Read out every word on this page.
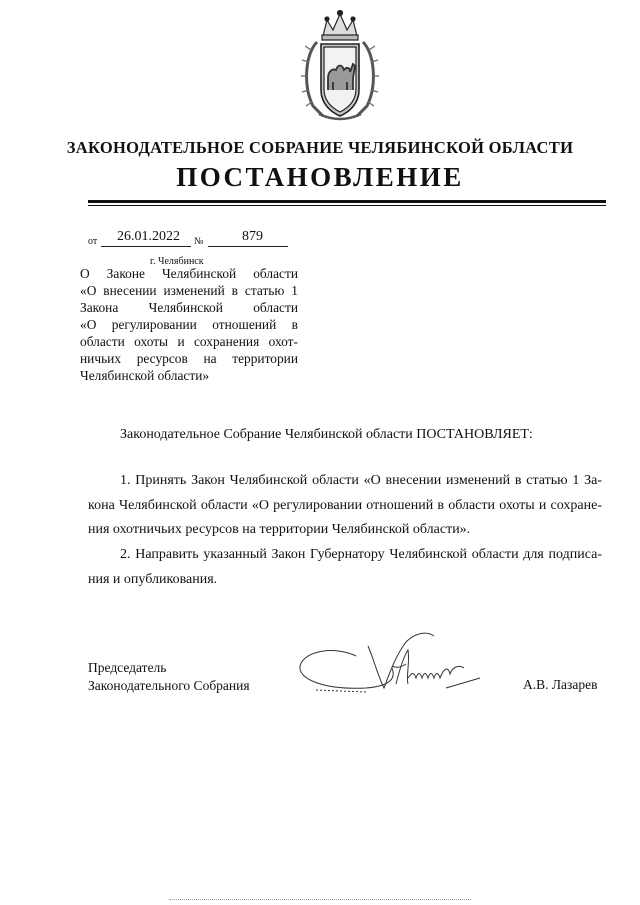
ЗАКОНОДАТЕЛЬНОЕ СОБРАНИЕ ЧЕЛЯБИНСКОЙ ОБЛАСТИ
ПОСТАНОВЛЕНИЕ
от 26.01.2022 №	879
г. Челябинск
О Законе Челябинской области
«О внесении изменений в статью 1
Закона Челябинской области
«О регулировании отношений в
области охоты и сохранения охот-
ничьих ресурсов на территории
Челябинской области»
Законодательное Собрание Челябинской области ПОСТАНОВЛЯЕТ:
1. Принять Закон Челябинской области «О внесении изменений в статью 1 За-
кона Челябинской области «О регулировании отношений в области охоты и сохране-
ния охотничьих ресурсов на территории Челябинской области».
2. Направить указанный Закон Губернатору Челябинской области для подписа-
ния и опубликования.
Председатель
Законодательного Собрания	А.В. Лазарев
